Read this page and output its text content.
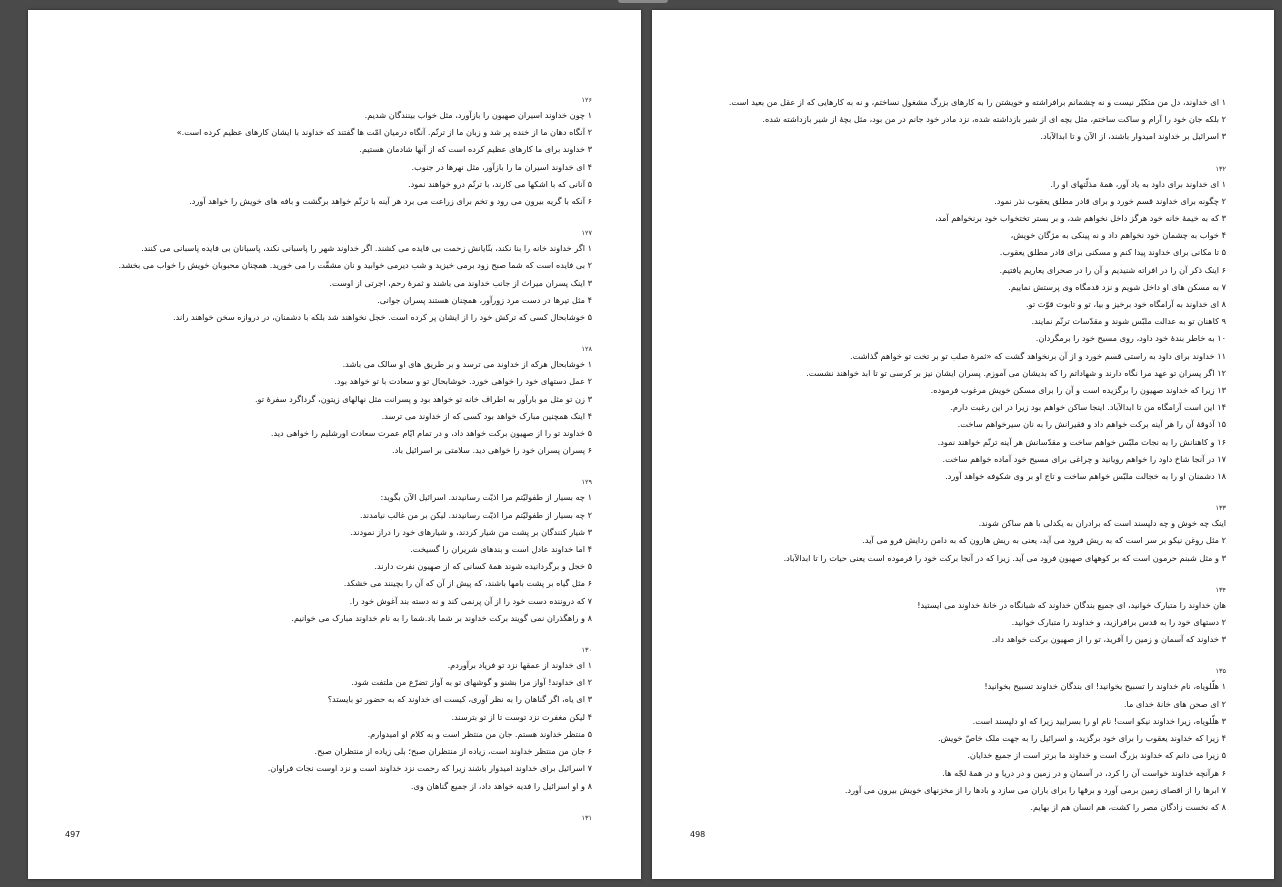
۱۲۶
۱ چون خداوند اسیران صهیون را بازآورد، مثل خواب بینندگان شدیم.
۲ آنگاه دهان ما از خنده پر شد و زبان ما از ترنّم. آنگاه درمیان امّت ها گفتند که خداوند با ایشان کارهای عظیم کرده است.»
۳ خداوند برای ما کارهای عظیم کرده است که از آنها شادمان هستیم.
۴ ای خداوند اسیران ما را بازآور، مثل نهرها در جنوب.
۵ آنانی که با اشکها می کارند، با ترنّم درو خواهند نمود.
۶ آنکه با گریه بیرون می رود و تخم برای زراعت می برد هر آینه با ترنّم خواهد برگشت و بافه های خویش را خواهد آورد.
۱۲۷
۱ اگر خداوند خانه را بنا نکند، بنّایانش زحمت بی فایده می کشند. اگر خداوند شهر را پاسبانی نکند، پاسبانان بی فایده پاسبانی می کنند.
۲ بی فایده است که شما صبح زود برمی خیزید و شب دیرمی خوابید و نان مشقّت را می خورید. همچنان محبوبان خویش را خواب می بخشد.
۳ اینک پسران میراث از جانب خداوند می باشند و ثمرهٔ رحم، اجرتی از اوست.
۴ مثل تیرها در دست مرد زورآور، همچنان هستند پسران جوانی.
۵ خوشابحال کسی که ترکش خود را از ایشان پر کرده است. خجل نخواهند شد بلکه با دشمنان، در دروازه سخن خواهند راند.
۱۲۸
۱ خوشابحال هرکه از خداوند می ترسد و بر طریق های او سالک می باشد.
۲ عمل دستهای خود را خواهی خورد. خوشابحال تو و سعادت با تو خواهد بود.
۳ زن تو مثل مو بارآور به اطراف خانه تو خواهد بود و پسرانت مثل نهالهای زیتون، گرداگرد سفرهٔ تو.
۴ اینک همچنین مبارک خواهد بود کسی که از خداوند می ترسد.
۵ خداوند تو را از صهیون برکت خواهد داد، و در تمام ایّام عمرت سعادت اورشلیم را خواهی دید.
۶ پسران پسران خود را خواهی دید. سلامتی بر اسرائیل باد.
۱۲۹
۱ چه بسیار از طفولیّتم مرا اذیّت رسانیدند. اسرائیل الآن بگوید:
۲ چه بسیار از طفولیّتم مرا اذیّت رسانیدند. لیکن بر من غالب نیامدند.
۳ شیار کنندگان بر پشت من شیار کردند، و شیارهای خود را دراز نمودند.
۴ اما خداوند عادل است و بندهای شریران را گسیخت.
۵ خجل و برگردانیده شوند همهٔ کسانی که از صهیون نفرت دارند.
۶ مثل گیاه بر پشت بامها باشند، که پیش از آن که آن را بچینند می خشکد.
۷ که دروننده دست خود را از آن پرنمی کند و نه دسته بند آغوش خود را.
۸ و راهگذران نمی گویند برکت خداوند بر شما باد.شما را به نام خداوند مبارک می خوانیم.
۱۳۰
۱ ای خداوند از عمقها نزد تو فریاد برآوردم.
۲ ای خداوند! آواز مرا بشنو و گوشهای تو به آواز تضرّع من ملتفت شود.
۳ ای یاه، اگر گناهان را به نظر آوری، کیست ای خداوند که به حضور تو بایستد؟
۴ لیکن مغفرت نزد توست تا از تو بترسند.
۵ منتظر خداوند هستم. جان من منتظر است و به کلام او امیدوارم.
۶ جان من منتظر خداوند است، زیاده از منتظران صبح؛ بلی زیاده از منتظران صبح.
۷ اسرائیل برای خداوند امیدوار باشند زیرا که رحمت نزد خداوند است و نزد اوست نجات فراوان.
۸ و او اسرائیل را فدیه خواهد داد، از جمیع گناهان وی.
۱۳۱
497
۱ ای خداوند، دل من متکبّر نیست و نه چشمانم برافراشته و خویشتن را به کارهای بزرگ مشغول نساختم، و نه به کارهایی که از عقل من بعید است.
۲ بلکه جان خود را آرام و ساکت ساختم، مثل بچه ای از شیر بازداشته شده، نزد مادر خود جانم در من بود، مثل بچهٔ از شیر بازداشته شده.
۳ اسرائیل بر خداوند امیدوار باشند، از الآن و تا ابدالآباد.
۱۳۲
۱ ای خداوند برای داود به یاد آور، همهٔ مذلّتهای او را.
۲ چگونه برای خداوند قسم خورد و برای قادر مطلق یعقوب نذر نمود.
۳ که به خیمهٔ خانه خود هرگز داخل نخواهم شد، و بر بستر تختخواب خود برنخواهم آمد،
۴ خواب به چشمان خود نخواهم داد و نه پینکی به مژگان خویش،
۵ تا مکانی برای خداوند پیدا کنم و مسکنی برای قادر مطلق یعقوب.
۶ اینک ذکر آن را در افراته شنیدیم و آن را در صحرای یعاریم یافتیم.
۷ به مسکن های او داخل شویم و نزد قدمگاه وی پرستش نماییم.
۸ ای خداوند به آرامگاه خود برخیز و بیا، تو و تابوت قوّت تو.
۹ کاهنان تو به عدالت ملبّس شوند و مقدّسات ترنّم نمایند.
۱۰ به خاطر بندهٔ خود داود، روی مسیح خود را برمگردان.
۱۱ خداوند برای داود به راستی قسم خورد و از آن برنخواهد گشت که «ثمرهٔ صلب تو بر تخت تو خواهم گذاشت.
۱۲ اگر پسران تو عهد مرا نگاه دارند و شهاداتم را که بدیشان می آموزم. پسران ایشان نیز بر کرسی تو تا ابد خواهند نشست.
۱۳ زیرا که خداوند صهیون را برگزیده است و آن را برای مسکن خویش مرغوب فرموده.
۱۴ این است آرامگاه من تا ابدالآباد. اینجا ساکن خواهم بود زیرا در این رغبت دارم.
۱۵ آذوقهٔ آن را هر آینه برکت خواهم داد و فقیرانش را به نان سیرخواهم ساخت.
۱۶ و کاهنانش را به نجات ملبّس خواهم ساخت و مقدّسانش هر آینه ترنّم خواهند نمود.
۱۷ در آنجا شاخ داود را خواهم رویانید و چراغی برای مسیح خود آماده خواهم ساخت.
۱۸ دشمنان او را به خجالت ملبّس خواهم ساخت و تاج او بر وی شکوفه خواهد آورد.
۱۳۳
اینک چه خوش و چه دلپسند است که برادران به یکدلی با هم ساکن شوند.
۲ مثل روغن نیکو بر سر است که به ریش فرود می آید، یعنی به ریش هارون که به دامن ردایش فرو می آید.
۳ و مثل شبنم حرمون است که بر کوههای صهیون فرود می آید. زیرا که در آنجا برکت خود را فرموده است یعنی حیات را تا ابدالآباد.
۱۳۴
هان خداوند را متبارک خوانید، ای جمیع بندگان خداوند که شبانگاه در خانهٔ خداوند می ایستید!
۲ دستهای خود را به قدس برافرازید، و خداوند را متبارک خوانید.
۳ خداوند که آسمان و زمین را آفرید، تو را از صهیون برکت خواهد داد.
۱۳۵
۱ هلّلویاه، نام خداوند را تسبیح بخوانید! ای بندگان خداوند تسبیح بخوانید!
۲ ای صحن های خانهٔ خدای ما.
۳ هلّلویاه، زیرا خداوند نیکو است! نام او را بسرایید زیرا که او دلپسند است.
۴ زیرا که خداوند یعقوب را برای خود برگزید، و اسرائیل را به جهت ملک خاصّ خویش.
۵ زیرا می دانم که خداوند بزرگ است و خداوند ما برتر است از جمیع خدایان.
۶ هرآنچه خداوند خواست آن را کرد، در آسمان و در زمین و در دریا و در همهٔ لجّه ها.
۷ ابرها را از اقصای زمین برمی آورد و برقها را برای باران می سازد و بادها را از مخزنهای خویش بیرون می آورد.
۸ که نخست زادگان مصر را کشت، هم انسان هم از بهایم.
498
